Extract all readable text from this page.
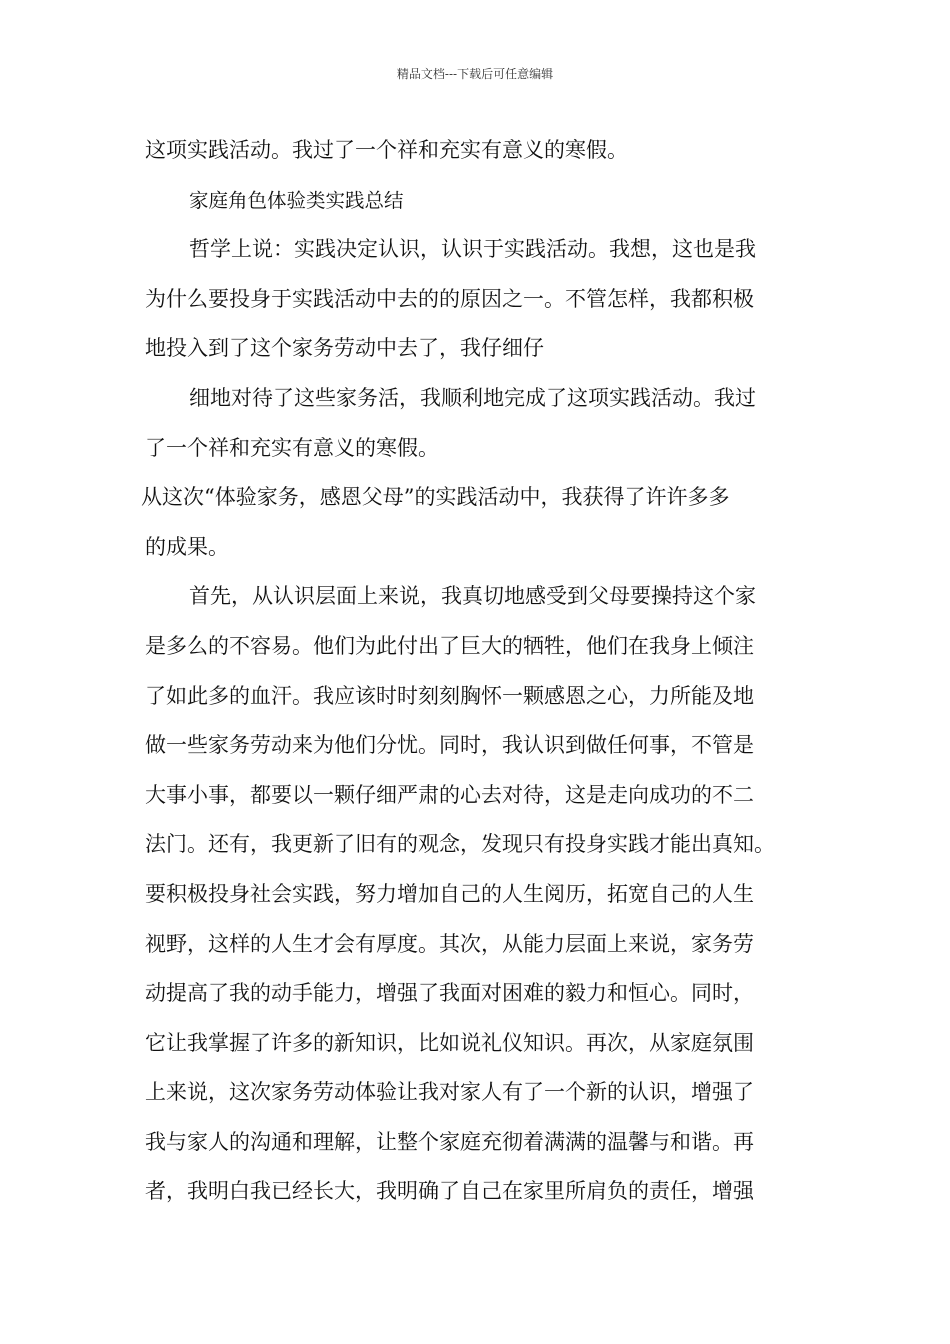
精品文档---下载后可任意编辑
这项实践活动。我过了一个祥和充实有意义的寒假。
家庭角色体验类实践总结
哲学上说：实践决定认识，认识于实践活动。我想，这也是我
为什么要投身于实践活动中去的的原因之一。不管怎样，我都积极
地投入到了这个家务劳动中去了，我仔细仔
细地对待了这些家务活，我顺利地完成了这项实践活动。我过
了一个祥和充实有意义的寒假。
从这次“体验家务，感恩父母”的实践活动中，我获得了许许多多
的成果。
首先，从认识层面上来说，我真切地感受到父母要操持这个家
是多么的不容易。他们为此付出了巨大的牺牲，他们在我身上倾注
了如此多的血汗。我应该时时刻刻胸怀一颗感恩之心，力所能及地
做一些家务劳动来为他们分忧。同时，我认识到做任何事，不管是
大事小事，都要以一颗仔细严肃的心去对待，这是走向成功的不二
法门。还有，我更新了旧有的观念，发现只有投身实践才能出真知。
要积极投身社会实践，努力增加自己的人生阅历，拓宽自己的人生
视野，这样的人生才会有厚度。其次，从能力层面上来说，家务劳
动提高了我的动手能力，增强了我面对困难的毅力和恒心。同时，
它让我掌握了许多的新知识，比如说礼仪知识。再次，从家庭氛围
上来说，这次家务劳动体验让我对家人有了一个新的认识，增强了
我与家人的沟通和理解，让整个家庭充彻着满满的温馨与和谐。再
者，我明白我已经长大，我明确了自己在家里所肩负的责任，增强
